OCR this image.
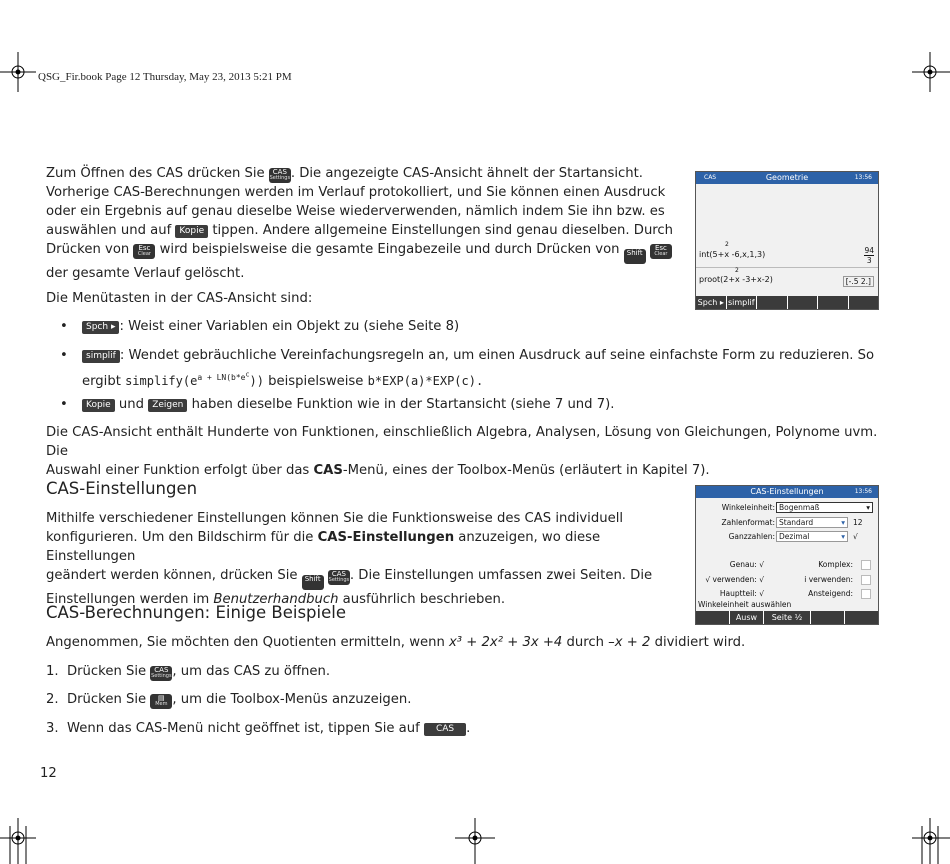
QSG_Fir.book Page 12 Thursday, May 23, 2013 5:21 PM
Zum Öffnen des CAS drücken Sie CAS
Settings . Die angezeigte CAS-Ansicht ähnelt der Startansicht. Vorherige CAS-Berechnungen werden im Verlauf protokolliert, und Sie können einen Ausdruck oder ein Ergebnis auf genau dieselbe Weise wiederverwenden, nämlich indem Sie ihn bzw. es auswählen und auf Kopie tippen. Andere allgemeine Einstellungen sind genau dieselben. Durch Drücken von Esc
Clear wird beispielsweise die gesamte Eingabezeile und durch Drücken von Shift Esc
Clear

der gesamte Verlauf gelöscht.
Die Menütasten in der CAS-Ansicht sind:
•	Spch ▸ : Weist einer Variablen ein Objekt zu (siehe Seite 8)
•	simplif : Wendet gebräuchliche Vereinfachungsregeln an, um einen Ausdruck auf seine einfachste Form zu reduzieren. So
ergibt $simplify(e^{a + LN(b*e^c})$) beispielsweise b*EXP(a)*EXP(c).
•	Kopie und Zeigen haben dieselbe Funktion wie in der Startansicht (siehe 7 und 7).
Die CAS-Ansicht enthält Hunderte von Funktionen, einschließlich Algebra, Analysen, Lösung von Gleichungen, Polynome uvm. Die
Auswahl einer Funktion erfolgt über das CAS-Menü, eines der Toolbox-Menüs (erläutert in Kapitel 7).
CAS-Einstellungen
Mithilfe verschiedener Einstellungen können Sie die Funktionsweise des CAS individuell
konfigurieren. Um den Bildschirm für die CAS-Einstellungen anzuzeigen, wo diese Einstellungen
geändert werden können, drücken Sie Shift CAS
Settings . Die Einstellungen umfassen zwei Seiten. Die
Einstellungen werden im Benutzerhandbuch ausführlich beschrieben.
CAS-Berechnungen: Einige Beispiele
Angenommen, Sie möchten den Quotienten ermitteln, wenn x³ + 2x² + 3x +4 durch –x + 2 dividiert wird.
1. Drücken Sie CAS
Settings , um das CAS zu öffnen.
2. Drücken Sie ▤
Mem , um die Toolbox-Menüs anzuzeigen.
3. Wenn das CAS-Menü nicht geöffnet ist, tippen Sie auf CAS .
12
CAS	Geometrie	13:56
int(5+x -6,x,1,3)
2
94
3
proot(2+x -3+x-2)
2
[-.5 2.]
Spch ▸ simplif
CAS-Einstellungen	13:56
Winkeleinheit: Bogenmaß	▾
Zahlenformat: Standard	▾ 12
Ganzzahlen: Dezimal	▾ √
Genau: √	Komplex:
√ verwenden: √	i verwenden:
Hauptteil: √	Ansteigend:
Winkeleinheit auswählen
Ausw	Seite ½
